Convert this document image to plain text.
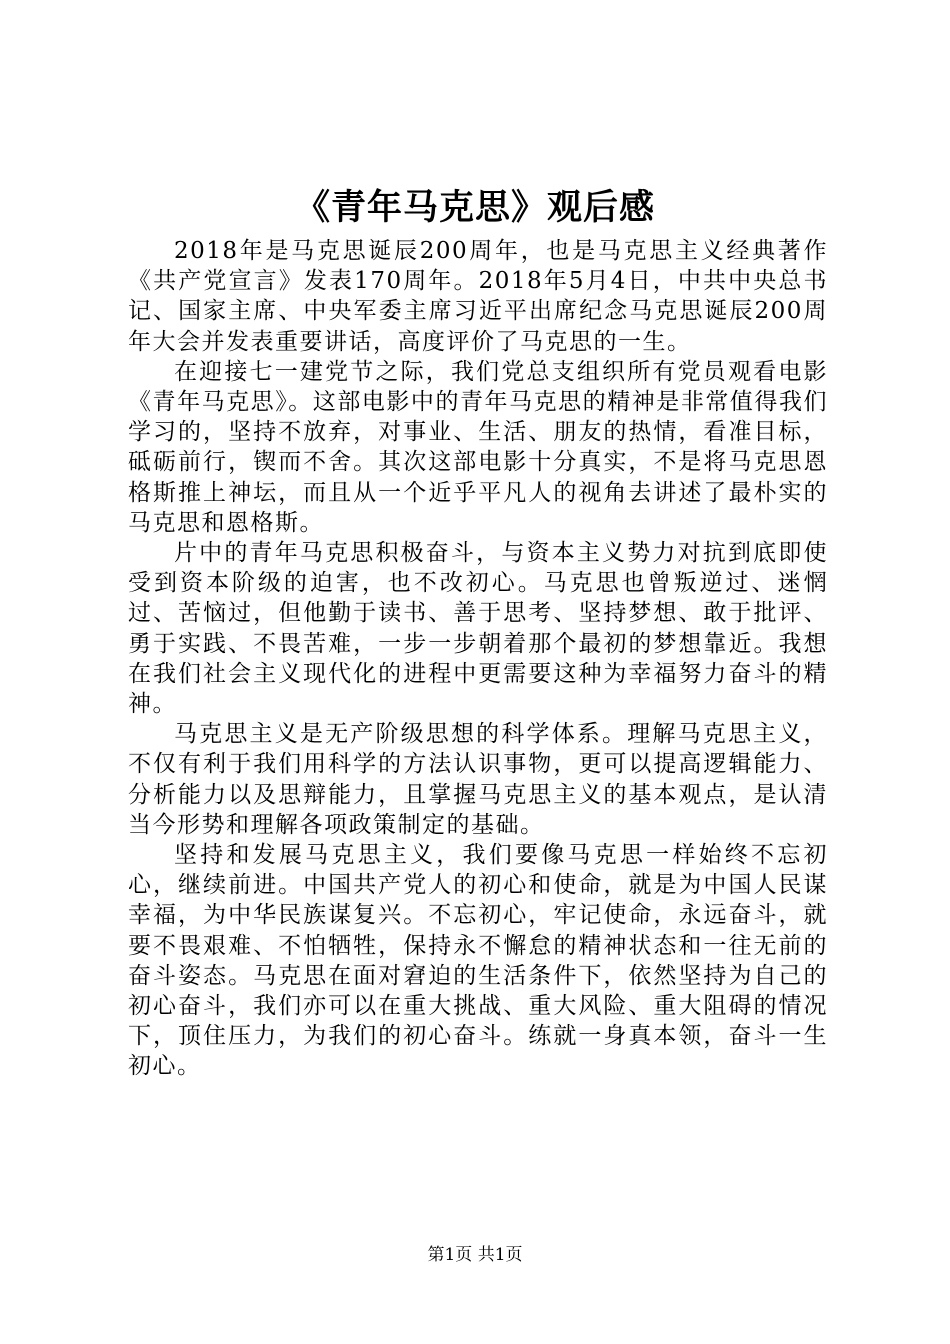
《青年马克思》观后感

2018年是马克思诞辰200周年，也是马克思主义经典著作《共产党宣言》发表170周年。2018年5月4日，中共中央总书记、国家主席、中央军委主席习近平出席纪念马克思诞辰200周年大会并发表重要讲话，高度评价了马克思的一生。

在迎接七一建党节之际，我们党总支组织所有党员观看电影《青年马克思》。这部电影中的青年马克思的精神是非常值得我们学习的，坚持不放弃，对事业、生活、朋友的热情，看准目标，砥砺前行，锲而不舍。其次这部电影十分真实，不是将马克思恩格斯推上神坛，而且从一个近乎平凡人的视角去讲述了最朴实的马克思和恩格斯。

片中的青年马克思积极奋斗，与资本主义势力对抗到底即使受到资本阶级的迫害，也不改初心。马克思也曾叛逆过、迷惘过、苦恼过，但他勤于读书、善于思考、坚持梦想、敢于批评、勇于实践、不畏苦难，一步一步朝着那个最初的梦想靠近。我想在我们社会主义现代化的进程中更需要这种为幸福努力奋斗的精神。

马克思主义是无产阶级思想的科学体系。理解马克思主义，不仅有利于我们用科学的方法认识事物，更可以提高逻辑能力、分析能力以及思辩能力，且掌握马克思主义的基本观点，是认清当今形势和理解各项政策制定的基础。

坚持和发展马克思主义，我们要像马克思一样始终不忘初心，继续前进。中国共产党人的初心和使命，就是为中国人民谋幸福，为中华民族谋复兴。不忘初心，牢记使命，永远奋斗，就要不畏艰难、不怕牺牲，保持永不懈怠的精神状态和一往无前的奋斗姿态。马克思在面对窘迫的生活条件下，依然坚持为自己的初心奋斗，我们亦可以在重大挑战、重大风险、重大阻碍的情况下，顶住压力，为我们的初心奋斗。练就一身真本领，奋斗一生初心。

第1页 共1页
